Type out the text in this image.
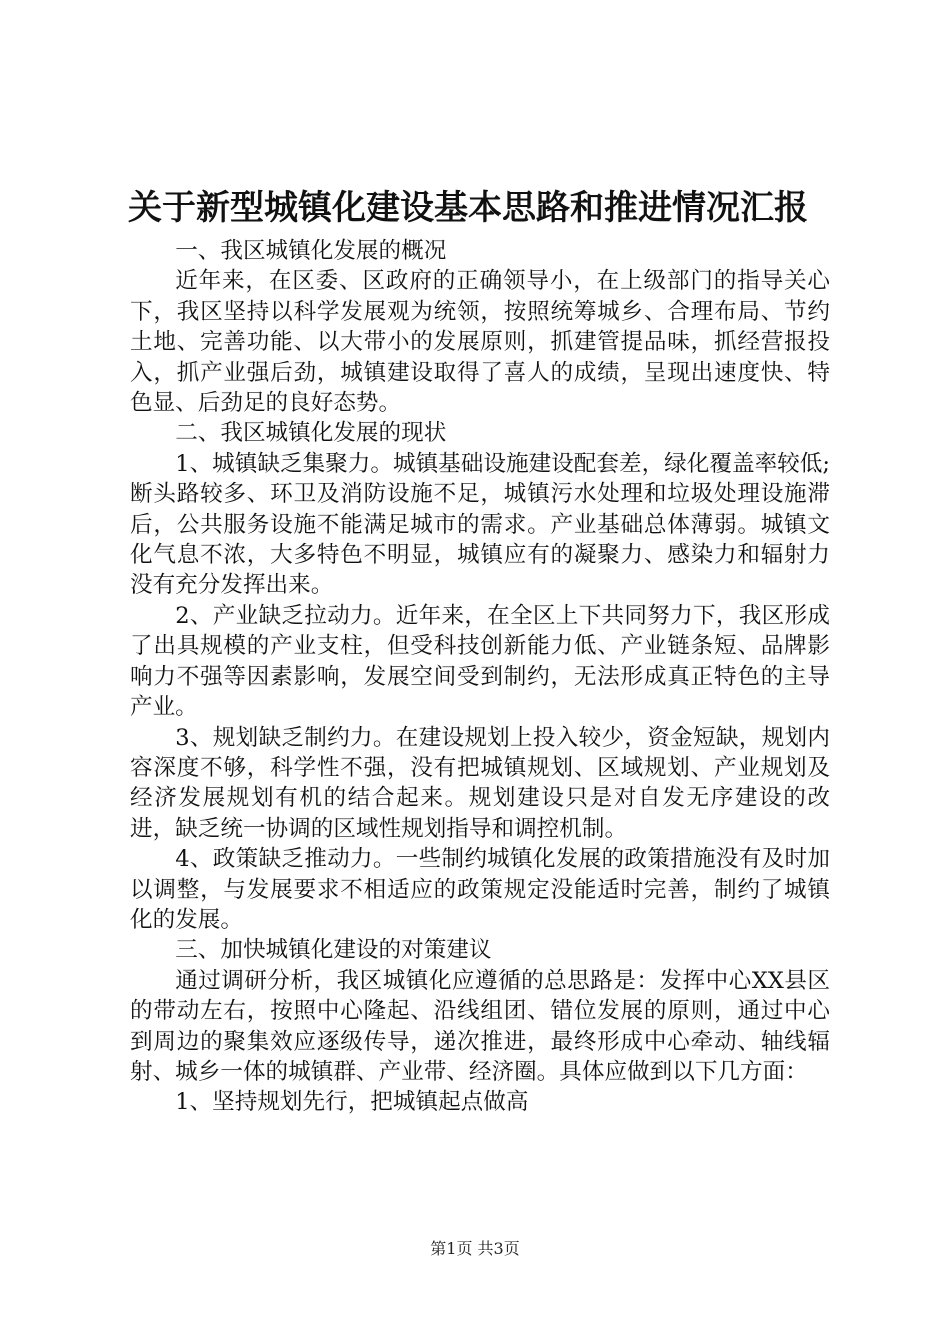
关于新型城镇化建设基本思路和推进情况汇报

一、我区城镇化发展的概况

近年来，在区委、区政府的正确领导小，在上级部门的指导关心下，我区坚持以科学发展观为统领，按照统筹城乡、合理布局、节约土地、完善功能、以大带小的发展原则，抓建管提品味，抓经营报投入，抓产业强后劲，城镇建设取得了喜人的成绩，呈现出速度快、特色显、后劲足的良好态势。

二、我区城镇化发展的现状

1、城镇缺乏集聚力。城镇基础设施建设配套差，绿化覆盖率较低;断头路较多、环卫及消防设施不足，城镇污水处理和垃圾处理设施滞后，公共服务设施不能满足城市的需求。产业基础总体薄弱。城镇文化气息不浓，大多特色不明显，城镇应有的凝聚力、感染力和辐射力没有充分发挥出来。

2、产业缺乏拉动力。近年来，在全区上下共同努力下，我区形成了出具规模的产业支柱，但受科技创新能力低、产业链条短、品牌影响力不强等因素影响，发展空间受到制约，无法形成真正特色的主导产业。

3、规划缺乏制约力。在建设规划上投入较少，资金短缺，规划内容深度不够，科学性不强，没有把城镇规划、区域规划、产业规划及经济发展规划有机的结合起来。规划建设只是对自发无序建设的改进，缺乏统一协调的区域性规划指导和调控机制。

4、政策缺乏推动力。一些制约城镇化发展的政策措施没有及时加以调整，与发展要求不相适应的政策规定没能适时完善，制约了城镇化的发展。

三、加快城镇化建设的对策建议

通过调研分析，我区城镇化应遵循的总思路是：发挥中心XX县区的带动左右，按照中心隆起、沿线组团、错位发展的原则，通过中心到周边的聚集效应逐级传导，递次推进，最终形成中心牵动、轴线辐射、城乡一体的城镇群、产业带、经济圈。具体应做到以下几方面：

1、坚持规划先行，把城镇起点做高

第1页 共3页
